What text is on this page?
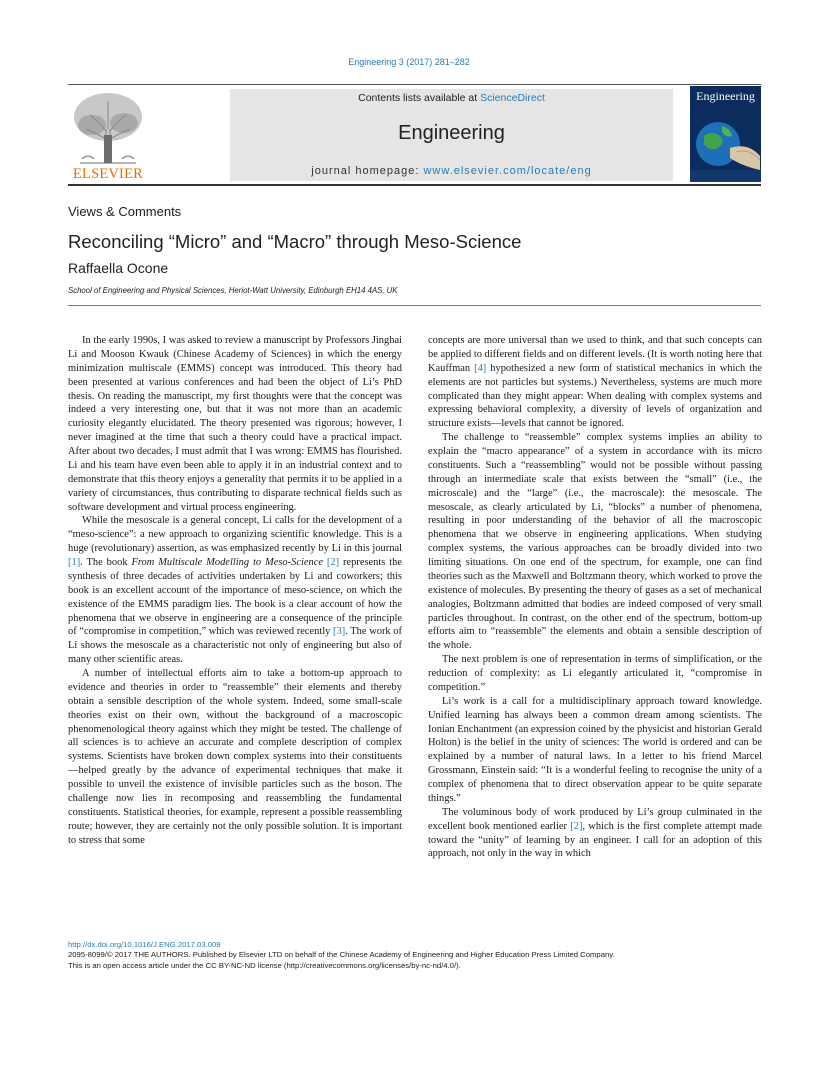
Engineering 3 (2017) 281–282
ELSEVIER
Contents lists available at ScienceDirect
Engineering
journal homepage: www.elsevier.com/locate/eng
Engineering
Views & Comments
Reconciling “Micro” and “Macro” through Meso-Science
Raffaella Ocone
School of Engineering and Physical Sciences, Heriot-Watt University, Edinburgh EH14 4AS, UK

In the early 1990s, I was asked to review a manuscript by Professors Jinghai Li and Mooson Kwauk (Chinese Academy of Sciences) in which the energy minimization multiscale (EMMS) concept was introduced. This theory had been presented at various conferences and had been the object of Li’s PhD thesis. On reading the manuscript, my first thoughts were that the concept was indeed a very interesting one, but that it was not more than an academic curiosity elegantly elucidated. The theory presented was rigorous; however, I never imagined at the time that such a theory could have a practical impact. After about two decades, I must admit that I was wrong: EMMS has flourished. Li and his team have even been able to apply it in an industrial context and to demonstrate that this theory enjoys a generality that permits it to be applied in a variety of circumstances, thus contributing to disparate technical fields such as software development and virtual process engineering.

While the mesoscale is a general concept, Li calls for the development of a “meso-science”: a new approach to organizing scientific knowledge. This is a huge (revolutionary) assertion, as was emphasized recently by Li in this journal [1]. The book From Multiscale Modelling to Meso-Science [2] represents the synthesis of three decades of activities undertaken by Li and coworkers; this book is an excellent account of the importance of meso-science, on which the existence of the EMMS paradigm lies. The book is a clear account of how the phenomena that we observe in engineering are a consequence of the principle of “compromise in competition,” which was reviewed recently [3]. The work of Li shows the mesoscale as a characteristic not only of engineering but also of many other scientific areas.

A number of intellectual efforts aim to take a bottom-up approach to evidence and theories in order to “reassemble” their elements and thereby obtain a sensible description of the whole system. Indeed, some small-scale theories exist on their own, without the background of a macroscopic phenomenological theory against which they might be tested. The challenge of all sciences is to achieve an accurate and complete description of complex systems. Scientists have broken down complex systems into their constituents—helped greatly by the advance of experimental techniques that make it possible to unveil the existence of invisible particles such as the boson. The challenge now lies in recomposing and reassembling the fundamental constituents. Statistical theories, for example, represent a possible reassembling route; however, they are certainly not the only possible solution. It is important to stress that some

concepts are more universal than we used to think, and that such concepts can be applied to different fields and on different levels. (It is worth noting here that Kauffman [4] hypothesized a new form of statistical mechanics in which the elements are not particles but systems.) Nevertheless, systems are much more complicated than they might appear: When dealing with complex systems and expressing behavioral complexity, a diversity of levels of organization and structure exists—levels that cannot be ignored.

The challenge to “reassemble” complex systems implies an ability to explain the “macro appearance” of a system in accordance with its micro constituents. Such a “reassembling” would not be possible without passing through an intermediate scale that exists between the “small” (i.e., the microscale) and the “large” (i.e., the macroscale): the mesoscale. The mesoscale, as clearly articulated by Li, “blocks” a number of phenomena, resulting in poor understanding of the behavior of all the macroscopic phenomena that we observe in engineering applications. When studying complex systems, the various approaches can be broadly divided into two limiting situations. On one end of the spectrum, for example, one can find theories such as the Maxwell and Boltzmann theory, which worked to prove the existence of molecules. By presenting the theory of gases as a set of mechanical analogies, Boltzmann admitted that bodies are indeed composed of very small particles throughout. In contrast, on the other end of the spectrum, bottom-up efforts aim to “reassemble” the elements and obtain a sensible description of the whole.

The next problem is one of representation in terms of simplification, or the reduction of complexity: as Li elegantly articulated it, “compromise in competition.”

Li’s work is a call for a multidisciplinary approach toward knowledge. Unified learning has always been a common dream among scientists. The Ionian Enchantment (an expression coined by the physicist and historian Gerald Holton) is the belief in the unity of sciences: The world is ordered and can be explained by a number of natural laws. In a letter to his friend Marcel Grossmann, Einstein said: “It is a wonderful feeling to recognise the unity of a complex of phenomena that to direct observation appear to be quite separate things.”

The voluminous body of work produced by Li’s group culminated in the excellent book mentioned earlier [2], which is the first complete attempt made toward the “unity” of learning by an engineer. I call for an adoption of this approach, not only in the way in which

http://dx.doi.org/10.1016/J.ENG.2017.03.009
2095-8099/© 2017 THE AUTHORS. Published by Elsevier LTD on behalf of the Chinese Academy of Engineering and Higher Education Press Limited Company.
This is an open access article under the CC BY-NC-ND license (http://creativecommons.org/licenses/by-nc-nd/4.0/).
